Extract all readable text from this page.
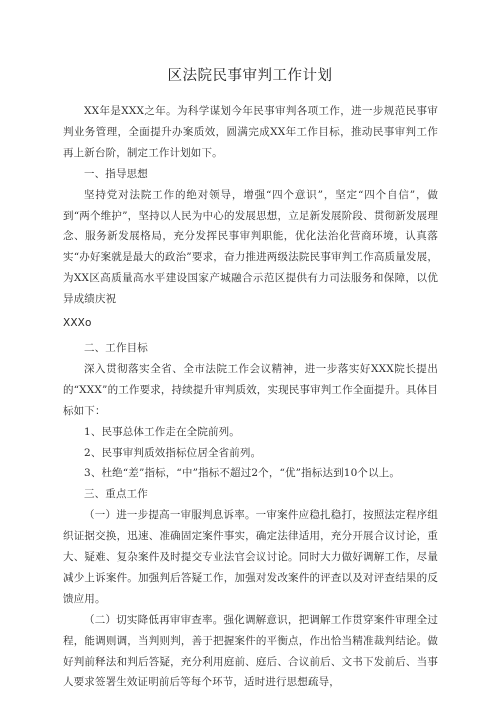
区法院民事审判工作计划

XX年是XXX之年。为科学谋划今年民事审判各项工作，进一步规范民事审判业务管理，全面提升办案质效，圆满完成XX年工作目标，推动民事审判工作再上新台阶，制定工作计划如下。

一、指导思想

坚持党对法院工作的绝对领导，增强“四个意识”，坚定“四个自信”，做到“两个维护”，坚持以人民为中心的发展思想，立足新发展阶段、贯彻新发展理念、服务新发展格局，充分发挥民事审判职能，优化法治化营商环境，认真落实“办好案就是最大的政治”要求，奋力推进两级法院民事审判工作高质量发展，为XX区高质量高水平建设国家产城融合示范区提供有力司法服务和保障，以优异成绩庆祝

XXXo

二、工作目标

深入贯彻落实全省、全市法院工作会议精神，进一步落实好XXX院长提出的“XXX”的工作要求，持续提升审判质效，实现民事审判工作全面提升。具体目标如下：

1、民事总体工作走在全院前列。

2、民事审判质效指标位居全省前列。

3、杜绝“差”指标，“中”指标不超过2个，“优”指标达到10个以上。

三、重点工作

（一）进一步提高一审服判息诉率。一审案件应稳扎稳打，按照法定程序组织证据交换，迅速、准确固定案件事实，确定法律适用，充分开展合议讨论，重大、疑难、复杂案件及时提交专业法官会议讨论。同时大力做好调解工作，尽量减少上诉案件。加强判后答疑工作，加强对发改案件的评查以及对评查结果的反馈应用。

（二）切实降低再审审查率。强化调解意识，把调解工作贯穿案件审理全过程，能调则调，当判则判，善于把握案件的平衡点，作出恰当精准裁判结论。做好判前释法和判后答疑，充分利用庭前、庭后、合议前后、文书下发前后、当事人要求签署生效证明前后等每个环节，适时进行思想疏导，
